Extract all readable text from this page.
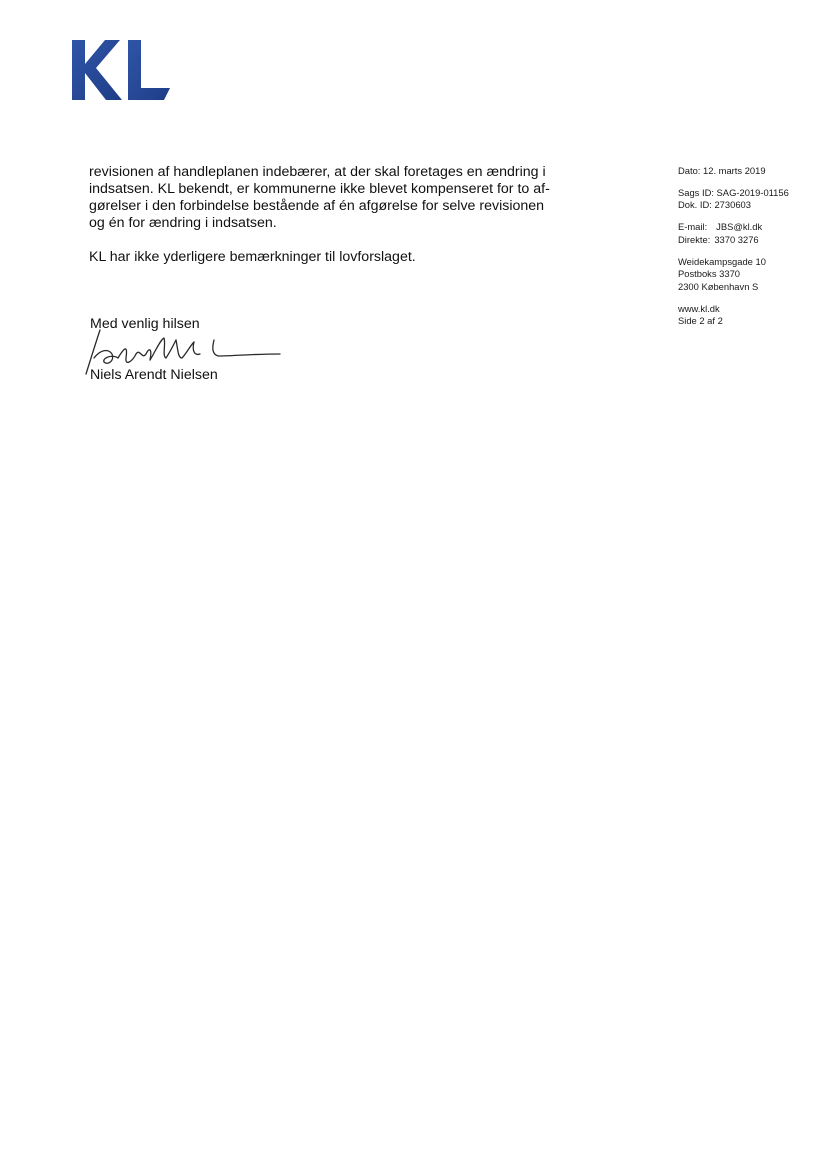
revisionen af handleplanen indebærer, at der skal foretages en ændring i
indsatsen. KL bekendt, er kommunerne ikke blevet kompenseret for to af-
gørelser i den forbindelse bestående af én afgørelse for selve revisionen
og én for ændring i indsatsen.

KL har ikke yderligere bemærkninger til lovforslaget.

Med venlig hilsen
Niels Arendt Nielsen
Dato: 12. marts 2019
Sags ID: SAG-2019-01156
Dok. ID: 2730603
E-mail: JBS@kl.dk
Direkte: 3370 3276
Weidekampsgade 10
Postboks 3370
2300 København S
www.kl.dk
Side 2 af 2
